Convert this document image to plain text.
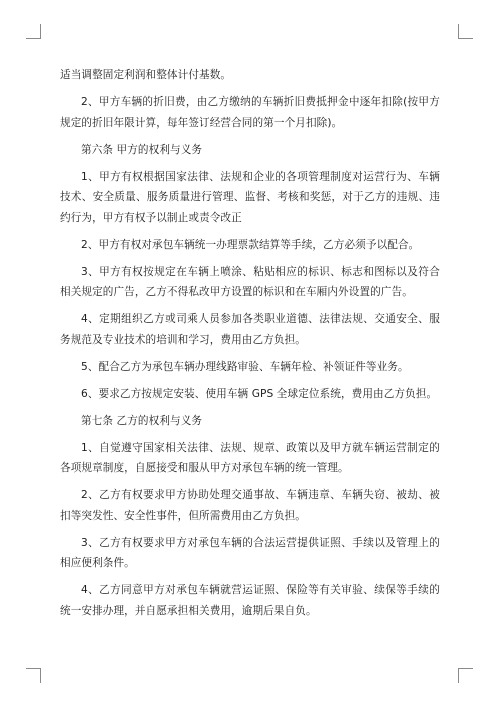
适当调整固定利润和整体计付基数。

2、甲方车辆的折旧费，由乙方缴纳的车辆折旧费抵押金中逐年扣除(按甲方规定的折旧年限计算，每年签订经营合同的第一个月扣除)。

第六条 甲方的权利与义务

1、甲方有权根据国家法律、法规和企业的各项管理制度对运营行为、车辆技术、安全质量、服务质量进行管理、监督、考核和奖惩，对于乙方的违规、违约行为，甲方有权予以制止或责令改正

2、甲方有权对承包车辆统一办理票款结算等手续，乙方必须予以配合。

3、甲方有权按规定在车辆上喷涂、粘贴相应的标识、标志和图标以及符合相关规定的广告，乙方不得私改甲方设置的标识和在车厢内外设置的广告。

4、定期组织乙方或司乘人员参加各类职业道德、法律法规、交通安全、服务规范及专业技术的培训和学习，费用由乙方负担。

5、配合乙方为承包车辆办理线路审验、车辆年检、补领证件等业务。

6、要求乙方按规定安装、使用车辆 GPS 全球定位系统，费用由乙方负担。

第七条 乙方的权利与义务

1、自觉遵守国家相关法律、法规、规章、政策以及甲方就车辆运营制定的各项规章制度，自愿接受和服从甲方对承包车辆的统一管理。

2、乙方有权要求甲方协助处理交通事故、车辆违章、车辆失窃、被劫、被扣等突发性、安全性事件，但所需费用由乙方负担。

3、乙方有权要求甲方对承包车辆的合法运营提供证照、手续以及管理上的相应便利条件。

4、乙方同意甲方对承包车辆就营运证照、保险等有关审验、续保等手续的统一安排办理，并自愿承担相关费用，逾期后果自负。
